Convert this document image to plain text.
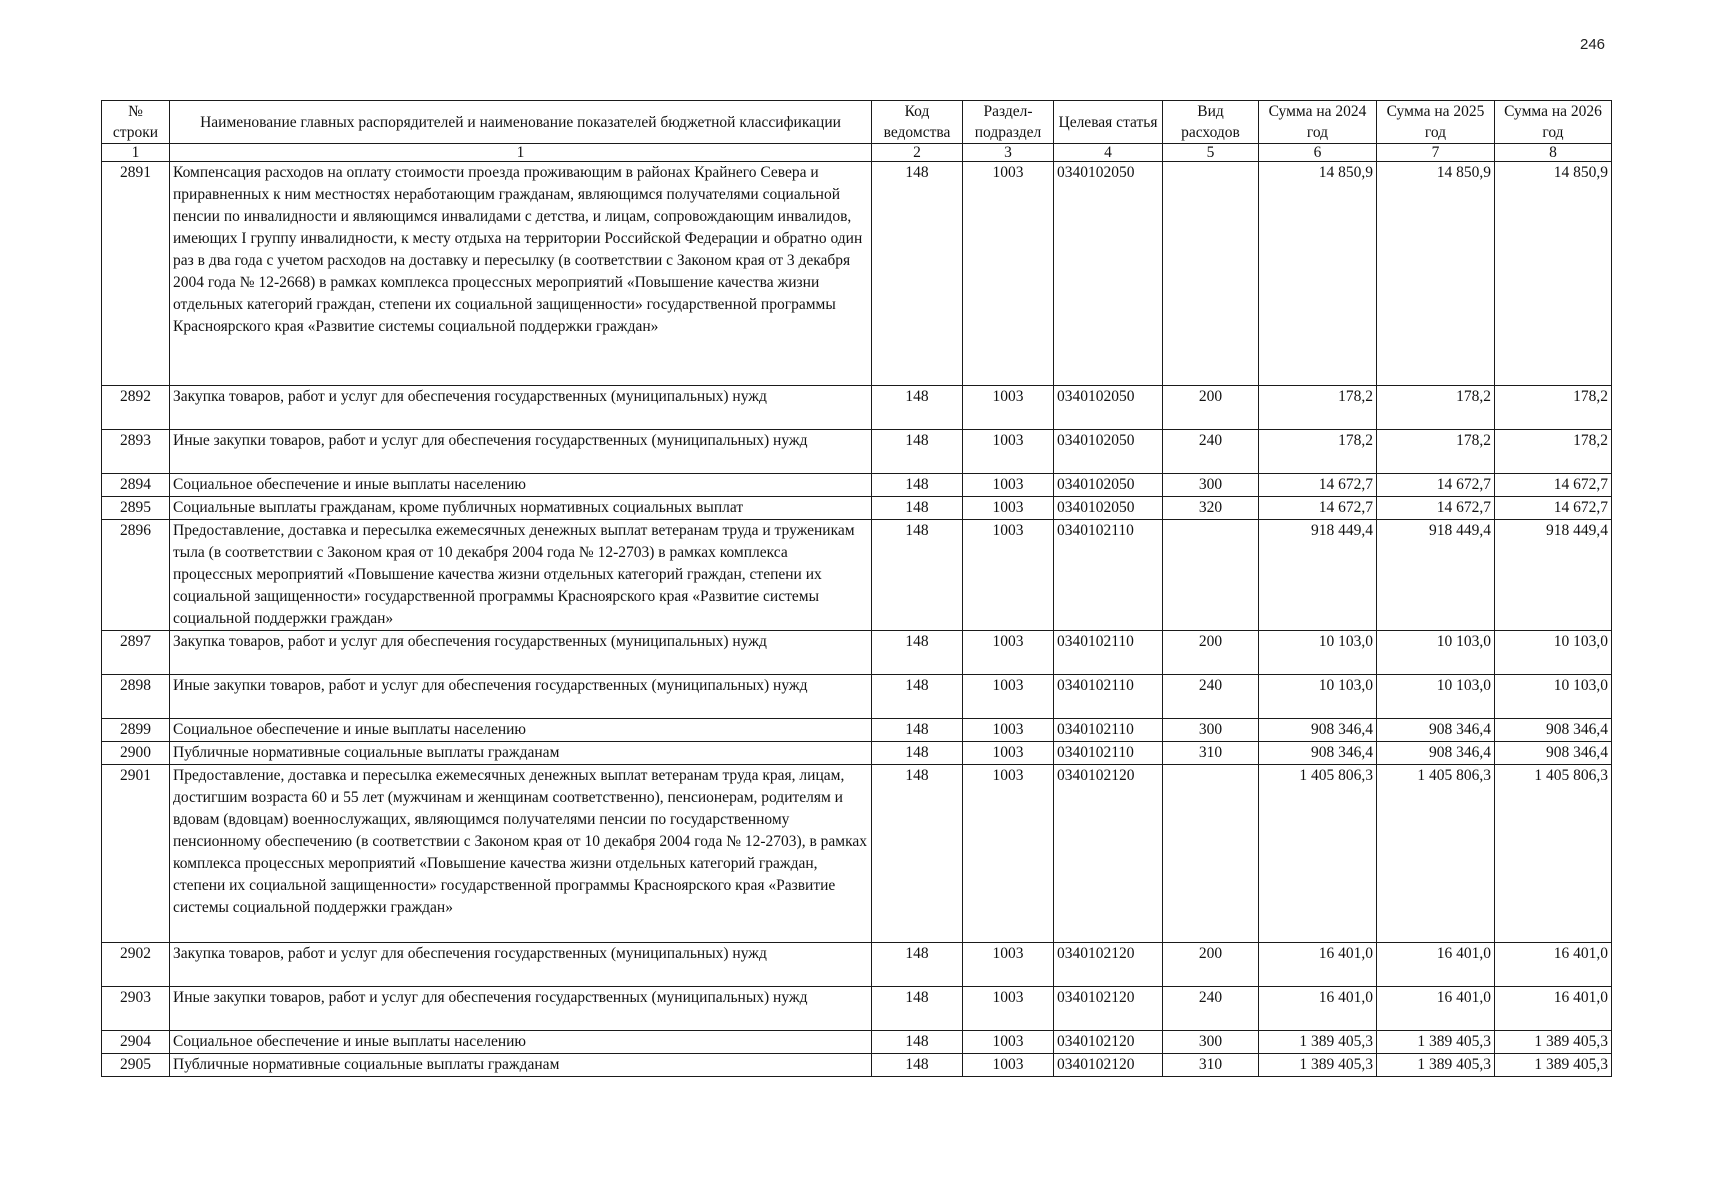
246
№ строки	Наименование главных распорядителей и наименование показателей бюджетной классификации	Код ведомства	Раздел-подраздел	Целевая статья	Вид расходов	Сумма на 2024 год	Сумма на 2025 год	Сумма на 2026 год
1	1	2	3	4	5	6	7	8
2891	Компенсация расходов на оплату стоимости проезда проживающим в районах Крайнего Севера и приравненных к ним местностях неработающим гражданам, являющимся получателями социальной пенсии по инвалидности и являющимся инвалидами с детства, и лицам, сопровождающим инвалидов, имеющих I группу инвалидности, к месту отдыха на территории Российской Федерации и обратно один раз в два года с учетом расходов на доставку и пересылку (в соответствии с Законом края от 3 декабря 2004 года № 12-2668) в рамках комплекса процессных мероприятий «Повышение качества жизни отдельных категорий граждан, степени их социальной защищенности» государственной программы Красноярского края «Развитие системы социальной поддержки граждан»	148	1003	0340102050		14 850,9	14 850,9	14 850,9
2892	Закупка товаров, работ и услуг для обеспечения государственных (муниципальных) нужд	148	1003	0340102050	200	178,2	178,2	178,2
2893	Иные закупки товаров, работ и услуг для обеспечения государственных (муниципальных) нужд	148	1003	0340102050	240	178,2	178,2	178,2
2894	Социальное обеспечение и иные выплаты населению	148	1003	0340102050	300	14 672,7	14 672,7	14 672,7
2895	Социальные выплаты гражданам, кроме публичных нормативных социальных выплат	148	1003	0340102050	320	14 672,7	14 672,7	14 672,7
2896	Предоставление, доставка и пересылка ежемесячных денежных выплат ветеранам труда и труженикам тыла (в соответствии с Законом края от 10 декабря 2004 года № 12-2703) в рамках комплекса процессных мероприятий «Повышение качества жизни отдельных категорий граждан, степени их социальной защищенности» государственной программы Красноярского края «Развитие системы социальной поддержки граждан»	148	1003	0340102110		918 449,4	918 449,4	918 449,4
2897	Закупка товаров, работ и услуг для обеспечения государственных (муниципальных) нужд	148	1003	0340102110	200	10 103,0	10 103,0	10 103,0
2898	Иные закупки товаров, работ и услуг для обеспечения государственных (муниципальных) нужд	148	1003	0340102110	240	10 103,0	10 103,0	10 103,0
2899	Социальное обеспечение и иные выплаты населению	148	1003	0340102110	300	908 346,4	908 346,4	908 346,4
2900	Публичные нормативные социальные выплаты гражданам	148	1003	0340102110	310	908 346,4	908 346,4	908 346,4
2901	Предоставление, доставка и пересылка ежемесячных денежных выплат ветеранам труда края, лицам, достигшим возраста 60 и 55 лет (мужчинам и женщинам соответственно), пенсионерам, родителям и вдовам (вдовцам) военнослужащих, являющимся получателями пенсии по государственному пенсионному обеспечению (в соответствии с Законом края от 10 декабря 2004 года № 12-2703), в рамках комплекса процессных мероприятий «Повышение качества жизни отдельных категорий граждан, степени их социальной защищенности» государственной программы Красноярского края «Развитие системы социальной поддержки граждан»	148	1003	0340102120		1 405 806,3	1 405 806,3	1 405 806,3
2902	Закупка товаров, работ и услуг для обеспечения государственных (муниципальных) нужд	148	1003	0340102120	200	16 401,0	16 401,0	16 401,0
2903	Иные закупки товаров, работ и услуг для обеспечения государственных (муниципальных) нужд	148	1003	0340102120	240	16 401,0	16 401,0	16 401,0
2904	Социальное обеспечение и иные выплаты населению	148	1003	0340102120	300	1 389 405,3	1 389 405,3	1 389 405,3
2905	Публичные нормативные социальные выплаты гражданам	148	1003	0340102120	310	1 389 405,3	1 389 405,3	1 389 405,3
